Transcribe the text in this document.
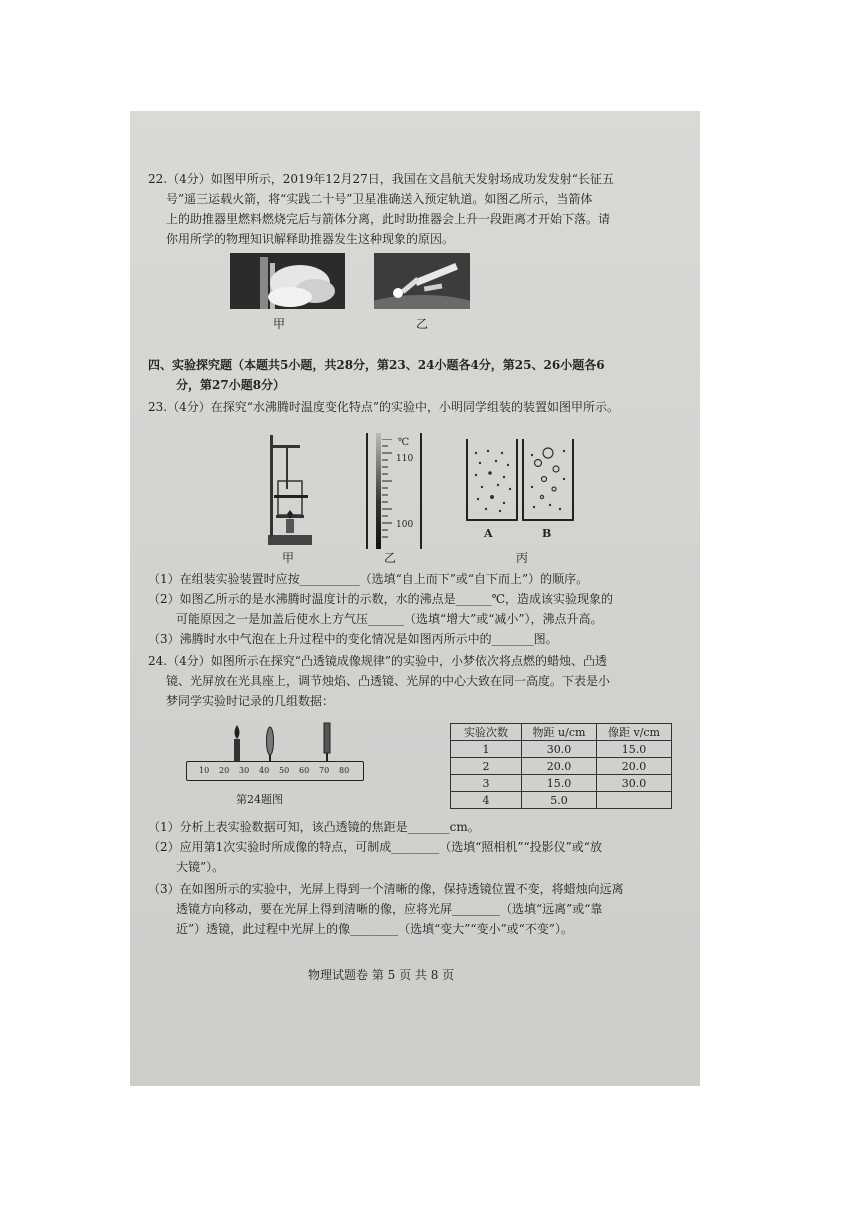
22.（4分）如图甲所示，2019年12月27日，我国在文昌航天发射场成功发发射“长征五
号”遥三运载火箭，将“实践二十号”卫星准确送入预定轨道。如图乙所示，当箭体
上的助推器里燃料燃烧完后与箭体分离，此时助推器会上升一段距离才开始下落。请
你用所学的物理知识解释助推器发生这种现象的原因。
甲	乙
四、实验探究题（本题共5小题，共28分，第23、24小题各4分，第25、26小题各6
分，第27小题8分）
23.（4分）在探究“水沸腾时温度变化特点”的实验中，小明同学组装的装置如图甲所示。
甲
℃
110
100
乙
A	B
丙
（1）在组装实验装置时应按__________（选填“自上而下”或“自下而上”）的顺序。
（2）如图乙所示的是水沸腾时温度计的示数，水的沸点是______℃，造成该实验现象的
可能原因之一是加盖后使水上方气压______（选填“增大”或“减小”），沸点升高。
（3）沸腾时水中气泡在上升过程中的变化情况是如图丙所示中的_______图。
24.（4分）如图所示在探究“凸透镜成像规律”的实验中，小梦依次将点燃的蜡烛、凸透
镜、光屏放在光具座上，调节烛焰、凸透镜、光屏的中心大致在同一高度。下表是小
梦同学实验时记录的几组数据：
10 20 30 40 50 60 70 80
第24题图
实验次数	物距 u/cm	像距 v/cm
1	30.0	15.0
2	20.0	20.0
3	15.0	30.0
4	5.0	
（1）分析上表实验数据可知，该凸透镜的焦距是_______cm。
（2）应用第1次实验时所成像的特点，可制成________（选填“照相机”“投影仪”或“放
大镜”）。
（3）在如图所示的实验中，光屏上得到一个清晰的像，保持透镜位置不变，将蜡烛向远离
透镜方向移动，要在光屏上得到清晰的像，应将光屏________（选填“远离”或“靠
近”）透镜，此过程中光屏上的像________（选填“变大”“变小”或“不变”）。
物理试题卷 第 5 页 共 8 页
